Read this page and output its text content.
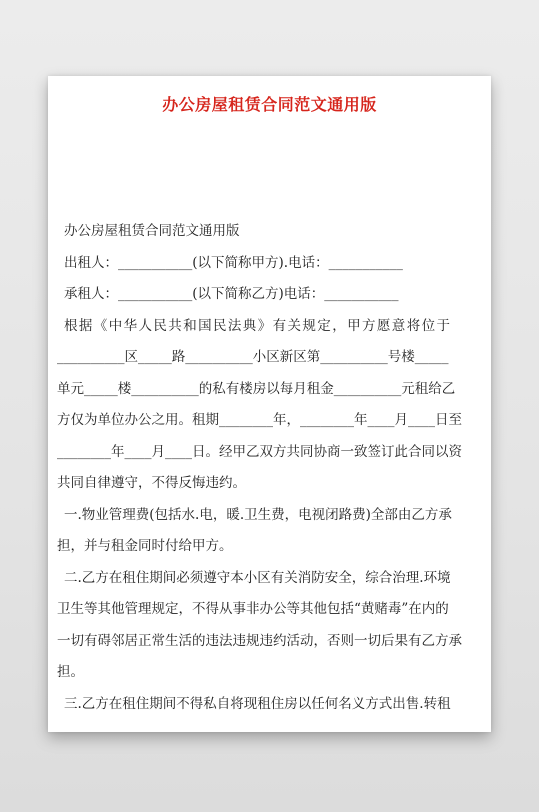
办公房屋租赁合同范文通用版
办公房屋租赁合同范文通用版
出租人：___________(以下简称甲方).电话：___________
承租人：___________(以下简称乙方)电话：___________
根据《中华人民共和国民法典》有关规定，甲方愿意将位于
__________区_____路__________小区新区第__________号楼_____
单元_____楼__________的私有楼房以每月租金__________元租给乙
方仅为单位办公之用。租期________年，________年____月____日至
________年____月____日。经甲乙双方共同协商一致签订此合同以资
共同自律遵守，不得反悔违约。
一.物业管理费(包括水.电，暖.卫生费，电视闭路费)全部由乙方承
担，并与租金同时付给甲方。
二.乙方在租住期间必须遵守本小区有关消防安全，综合治理.环境
卫生等其他管理规定，不得从事非办公等其他包括“黄赌毒”在内的
一切有碍邻居正常生活的违法违规违约活动，否则一切后果有乙方承
担。
三.乙方在租住期间不得私自将现租住房以任何名义方式出售.转租
